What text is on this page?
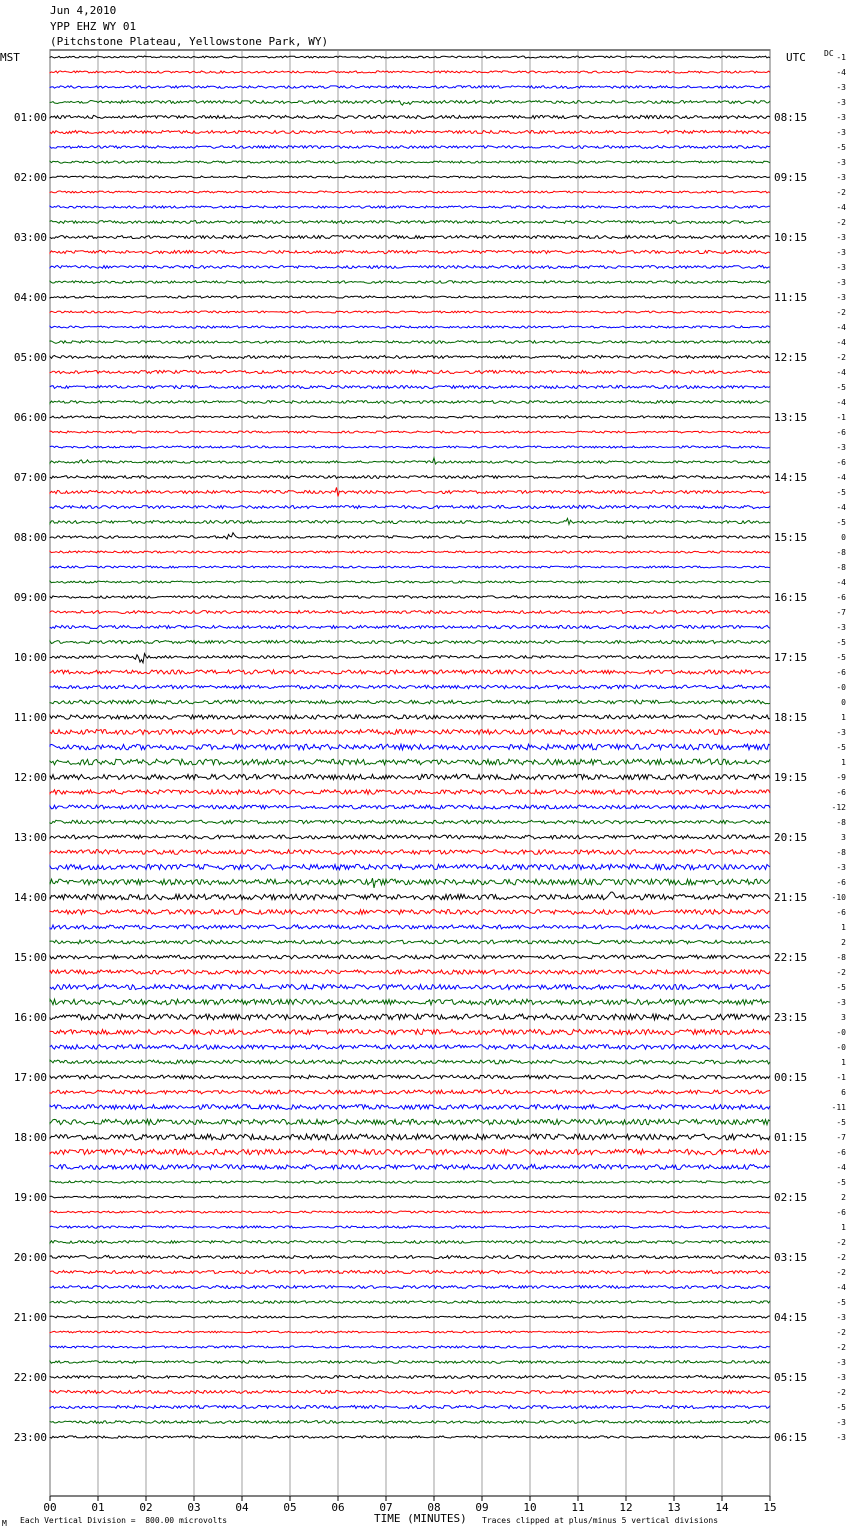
Jun 4,2010
YPP EHZ WY 01
(Pitchstone Plateau, Yellowstone Park, WY)
00	01	02	03	04	05	06	07	08	09	10	11	12	13	14	15
-1
-4
-3
-3
-3
01:00	08:15
-3
-5
-3
-3
02:00	09:15
-2
-4
-2
-3
03:00	10:15
-3
-3
-3
-3
04:00	11:15
-2
-4
-4
-2
05:00	12:15
-4
-5
-4
-1
06:00	13:15
-6
-3
-6
-4
07:00	14:15
-5
-4
-5
0
08:00	15:15
-8
-8
-4
-6
09:00	16:15
-7
-3
-5
-5
10:00	17:15
-6
-0
0
1
11:00	18:15
-3
-5
1
-9
12:00	19:15
-6
-12
-8
3
13:00	20:15
-8
-3
-6
-10
14:00	21:15
-6
1
2
-8
15:00	22:15
-2
-5
-3
3
16:00	23:15
-0
-0
1
-1
17:00	00:15
6
-11
-5
-7
18:00	01:15
-6
-4
-5
2
19:00	02:15
-6
1
-2
-2
20:00	03:15
-2
-4
-5
-3
21:00	04:15
-2
-2
-3
-3
22:00	05:15
-2
-5
-3
-3
23:00	06:15
MST	UTC DC
M Each Vertical Division =  800.00 microvolts	TIME (MINUTES) Traces clipped at plus/minus 5 vertical divisions
